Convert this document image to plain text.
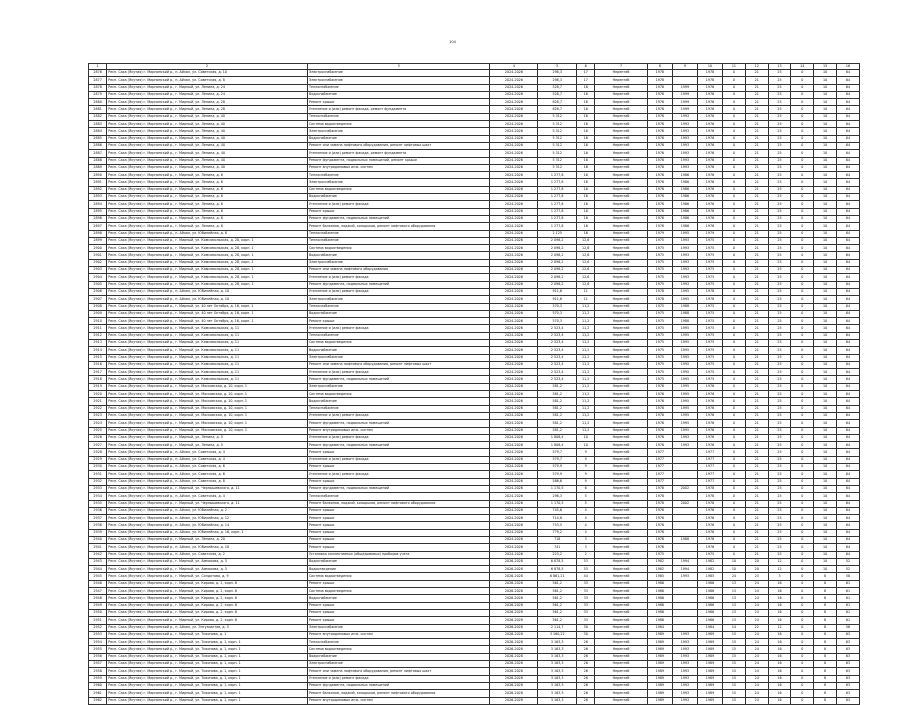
104
1	2	3	4	5	6	7	8	9	10	11	12	13	14	15	16
2876	Респ. Саха (Якутия) г. Мирнинский р., п. Айхал, ул. Советская, д. 10	Электроснабжение	2024-2026	298,3	17	Нерентаб	1978		1978	0	21	25	0	10	64
2877	Респ. Саха (Якутия) г. Мирнинский р., п. Айхал, ул. Советская, д. 8	Электроснабжение	2024-2026	298,3	17	Нерентаб	1978		1978	0	21	25	0	10	64
2878	Респ. Саха (Якутия) г. Мирнинский р., г. Мирный, ул. Ленина, д. 24	Теплоснабжение	2024-2026	528,7	16	Нерентаб	1976	1999	1976	0	21	25	0	10	64
2879	Респ. Саха (Якутия) г. Мирнинский р., г. Мирный, ул. Ленина, д. 24	Водоснабжение	2024-2026	528,7	16	Нерентаб	1976	1999	1976	0	21	25	0	10	64
2880	Респ. Саха (Якутия) г. Мирнинский р., г. Мирный, ул. Ленина, д. 28	Ремонт крыши	2024-2026	828,7	16	Нерентаб	1976	1999	1976	0	21	25	0	10	64
2881	Респ. Саха (Якутия) г. Мирнинский р., г. Мирный, ул. Ленина, д. 28	Утепление и (или) ремонт фасада, ремонт фундамента	2024-2026	828,7	16	Нерентаб	1976	1999	1976	0	21	25	0	10	64
2882	Респ. Саха (Якутия) г. Мирнинский р., г. Мирный, ул. Ленина, д. 40	Теплоснабжение	2024-2026	5 312	16	Нерентаб	1976	1993	1976	0	21	25	0	10	64
2883	Респ. Саха (Якутия) г. Мирнинский р., г. Мирный, ул. Ленина, д. 40	Система водоотведения	2024-2026	5 312	16	Нерентаб	1976	1993	1976	0	21	25	0	10	64
2884	Респ. Саха (Якутия) г. Мирнинский р., г. Мирный, ул. Ленина, д. 40	Электроснабжение	2024-2026	5 312	16	Нерентаб	1976	1993	1976	0	21	25	0	10	64
2885	Респ. Саха (Якутия) г. Мирнинский р., г. Мирный, ул. Ленина, д. 40	Водоснабжение	2024-2026	5 312	16	Нерентаб	1976	1993	1976	0	21	25	0	10	64
2886	Респ. Саха (Якутия) г. Мирнинский р., г. Мирный, ул. Ленина, д. 40	Ремонт или замена лифтового оборудования, ремонт лифтовых шахт	2024-2026	5 312	16	Нерентаб	1976	1993	1976	0	21	25	0	10	64
2887	Респ. Саха (Якутия) г. Мирнинский р., г. Мирный, ул. Ленина, д. 40	Утепление и (или) ремонт фасада, ремонт фундамента	2024-2026	5 312	16	Нерентаб	1976	1993	1976	0	21	25	0	10	64
2888	Респ. Саха (Якутия) г. Мирнинский р., г. Мирный, ул. Ленина, д. 40	Ремонт фундамента, подвальных помещений, ремонт крыши	2024-2026	5 312	16	Нерентаб	1976	1993	1976	0	21	25	0	10	64
2889	Респ. Саха (Якутия) г. Мирнинский р., г. Мирный, ул. Ленина, д. 40	Ремонт внутридомовых инж. систем	2024-2026	5 312	16	Нерентаб	1976	1993	1976	0	21	25	0	10	64
2890	Респ. Саха (Якутия) г. Мирнинский р., г. Мирный, ул. Ленина, д. 6	Теплоснабжение	2024-2026	1 277,8	16	Нерентаб	1976	1986	1976	0	21	25	0	10	64
2891	Респ. Саха (Якутия) г. Мирнинский р., г. Мирный, ул. Ленина, д. 6	Электроснабжение	2024-2026	1 277,8	16	Нерентаб	1976	1986	1976	0	21	25	0	10	64
2892	Респ. Саха (Якутия) г. Мирнинский р., г. Мирный, ул. Ленина, д. 6	Система водоотведения	2024-2026	1 277,8	16	Нерентаб	1976	1986	1976	0	21	25	0	10	64
2893	Респ. Саха (Якутия) г. Мирнинский р., г. Мирный, ул. Ленина, д. 6	Водоснабжение	2024-2026	1 277,8	16	Нерентаб	1976	1986	1976	0	21	25	0	10	64
2894	Респ. Саха (Якутия) г. Мирнинский р., г. Мирный, ул. Ленина, д. 6	Утепление и (или) ремонт фасада	2024-2026	1 277,8	16	Нерентаб	1976	1986	1976	0	21	25	0	10	64
2895	Респ. Саха (Якутия) г. Мирнинский р., г. Мирный, ул. Ленина, д. 6	Ремонт крыши	2024-2026	1 277,8	16	Нерентаб	1976	1986	1976	0	21	25	0	10	64
2896	Респ. Саха (Якутия) г. Мирнинский р., г. Мирный, ул. Ленина, д. 6	Ремонт фундамента, подвальных помещений	2024-2026	1 277,8	16	Нерентаб	1976	1986	1976	0	21	25	0	10	64
2897	Респ. Саха (Якутия) г. Мирнинский р., г. Мирный, ул. Ленина, д. 6	Ремонт балконов, лоджий, козырьков, ремонт лифтового оборудования	2024-2026	1 277,8	16	Нерентаб	1976	1986	1976	0	21	25	0	10	64
2898	Респ. Саха (Якутия) г. Мирнинский р., п. Айхал, ул. Юбилейная, д. 8	Теплоснабжение	2024-2026	2 125	16	Нерентаб	1979	1995	1979	0	21	25	0	10	64
2899	Респ. Саха (Якутия) г. Мирнинский р., г. Мирный, ул. Комсомольская, д. 28, корп. 1	Теплоснабжение	2024-2026	2 096,2	12,6	Нерентаб	1975	1993	1975	0	21	25	0	10	64
2900	Респ. Саха (Якутия) г. Мирнинский р., г. Мирный, ул. Комсомольская, д. 28, корп. 1	Система водоотведения	2024-2026	2 096,2	12,6	Нерентаб	1975	1993	1975	0	21	25	0	10	64
2901	Респ. Саха (Якутия) г. Мирнинский р., г. Мирный, ул. Комсомольская, д. 28, корп. 1	Водоснабжение	2024-2026	2 096,2	12,6	Нерентаб	1975	1993	1975	0	21	25	0	10	64
2902	Респ. Саха (Якутия) г. Мирнинский р., г. Мирный, ул. Комсомольская, д. 28, корп. 1	Электроснабжение	2024-2026	2 096,2	12,6	Нерентаб	1975	1993	1975	0	21	25	0	10	64
2903	Респ. Саха (Якутия) г. Мирнинский р., г. Мирный, ул. Комсомольская, д. 28, корп. 1	Ремонт или замена лифтового оборудования	2024-2026	2 096,2	12,6	Нерентаб	1975	1993	1975	0	21	25	0	10	64
2904	Респ. Саха (Якутия) г. Мирнинский р., г. Мирный, ул. Комсомольская, д. 28, корп. 1	Утепление и (или) ремонт фасада	2024-2026	2 096,2	12,6	Нерентаб	1975	1993	1975	0	21	25	0	10	64
2905	Респ. Саха (Якутия) г. Мирнинский р., г. Мирный, ул. Комсомольская, д. 28, корп. 1	Ремонт фундамента, подвальных помещений	2024-2026	2 096,2	12,6	Нерентаб	1975	1993	1975	0	21	25	0	10	64
2906	Респ. Саха (Якутия) г. Мирнинский р., п. Айхал, ул. Юбилейная, д. 10	Утепление и (или) ремонт фасада	2024-2026	911,6	11	Нерентаб	1978	1995	1978	0	21	25	0	10	64
2907	Респ. Саха (Якутия) г. Мирнинский р., п. Айхал, ул. Юбилейная, д. 10	Электроснабжение	2024-2026	911,6	11	Нерентаб	1978	1995	1978	0	21	25	0	10	64
2908	Респ. Саха (Якутия) г. Мирнинский р., г. Мирный, ул. 40 лет Октября, д. 16, корп. 1	Теплоснабжение	2024-2026	570,3	11,2	Нерентаб	1975	1988	1975	0	21	25	0	10	64
2909	Респ. Саха (Якутия) г. Мирнинский р., г. Мирный, ул. 40 лет Октября, д. 16, корп. 1	Водоснабжение	2024-2026	570,3	11,2	Нерентаб	1975	1988	1975	0	21	25	0	10	64
2910	Респ. Саха (Якутия) г. Мирнинский р., г. Мирный, ул. 40 лет Октября, д. 16, корп. 1	Ремонт крыши	2024-2026	570,3	11,2	Нерентаб	1975	1988	1975	0	21	25	0	10	64
2911	Респ. Саха (Якутия) г. Мирнинский р., г. Мирный, ул. Комсомольская, д. 11	Утепление и (или) ремонт фасада	2024-2026	2 523,4	11,2	Нерентаб	1975	1995	1975	0	21	25	0	10	64
2912	Респ. Саха (Якутия) г. Мирнинский р., г. Мирный, ул. Комсомольская, д. 11	Теплоснабжение	2024-2026	2 523,4	11,2	Нерентаб	1975	1995	1975	0	21	25	0	10	64
2913	Респ. Саха (Якутия) г. Мирнинский р., г. Мирный, ул. Комсомольская, д. 11	Система водоотведения	2024-2026	2 523,4	11,2	Нерентаб	1975	1995	1975	0	21	25	0	10	64
2914	Респ. Саха (Якутия) г. Мирнинский р., г. Мирный, ул. Комсомольская, д. 11	Водоснабжение	2024-2026	2 523,4	11,2	Нерентаб	1975	1995	1975	0	21	25	0	10	64
2915	Респ. Саха (Якутия) г. Мирнинский р., г. Мирный, ул. Комсомольская, д. 11	Электроснабжение	2024-2026	2 523,4	11,2	Нерентаб	1975	1995	1975	0	21	25	0	10	64
2916	Респ. Саха (Якутия) г. Мирнинский р., г. Мирный, ул. Комсомольская, д. 11	Ремонт или замена лифтового оборудования, ремонт лифтовых шахт	2024-2026	2 523,4	11,2	Нерентаб	1975	1995	1975	0	21	25	0	10	64
2917	Респ. Саха (Якутия) г. Мирнинский р., г. Мирный, ул. Комсомольская, д. 11	Утепление и (или) ремонт фасада	2024-2026	2 523,4	11,2	Нерентаб	1975	1995	1975	0	21	25	0	10	64
2918	Респ. Саха (Якутия) г. Мирнинский р., г. Мирный, ул. Комсомольская, д. 11	Ремонт фундамента, подвальных помещений	2024-2026	2 523,4	11,2	Нерентаб	1975	1995	1975	0	21	25	0	10	64
2919	Респ. Саха (Якутия) г. Мирнинский р., г. Мирный, ул. Московская, д. 10, корп. 1	Электроснабжение	2024-2026	581,2	11,2	Нерентаб	1976	1995	1976	0	21	25	0	10	64
2920	Респ. Саха (Якутия) г. Мирнинский р., г. Мирный, ул. Московская, д. 10, корп. 1	Система водоотведения	2024-2026	581,2	11,2	Нерентаб	1976	1995	1976	0	21	25	0	10	64
2921	Респ. Саха (Якутия) г. Мирнинский р., г. Мирный, ул. Московская, д. 10, корп. 1	Водоснабжение	2024-2026	581,2	11,2	Нерентаб	1976	1995	1976	0	21	25	0	10	64
2922	Респ. Саха (Якутия) г. Мирнинский р., г. Мирный, ул. Московская, д. 10, корп. 1	Теплоснабжение	2024-2026	581,2	11,2	Нерентаб	1976	1995	1976	0	21	25	0	10	64
2923	Респ. Саха (Якутия) г. Мирнинский р., г. Мирный, ул. Московская, д. 10, корп. 1	Утепление и (или) ремонт фасада	2024-2026	581,2	11,2	Нерентаб	1976	1995	1976	0	21	25	0	10	64
2924	Респ. Саха (Якутия) г. Мирнинский р., г. Мирный, ул. Московская, д. 10, корп. 1	Ремонт фундамента, подвальных помещений	2024-2026	581,2	11,2	Нерентаб	1976	1995	1976	0	21	25	0	10	64
2925	Респ. Саха (Якутия) г. Мирнинский р., г. Мирный, ул. Московская, д. 10, корп. 1	Ремонт внутридомовых инж. систем	2024-2026	581,2	11,2	Нерентаб	1976	1995	1976	0	21	25	0	10	64
2926	Респ. Саха (Якутия) г. Мирнинский р., г. Мирный, ул. Ленина, д. 5	Утепление и (или) ремонт фасада	2024-2026	1 806,4	10	Нерентаб	1976	1993	1976	0	21	25	0	10	64
2927	Респ. Саха (Якутия) г. Мирнинский р., г. Мирный, ул. Ленина, д. 5	Ремонт фундамента, подвальных помещений	2024-2026	1 806,4	10	Нерентаб	1976	1993	1976	0	21	25	0	10	64
2928	Респ. Саха (Якутия) г. Мирнинский р., п. Айхал, ул. Советская, д. 4	Ремонт крыши	2024-2026	579,7	9	Нерентаб	1977		1977	0	21	25	0	10	64
2929	Респ. Саха (Якутия) г. Мирнинский р., п. Айхал, ул. Советская, д. 4	Утепление и (или) ремонт фасада	2024-2026	579,7	9	Нерентаб	1977		1977	0	21	25	0	10	64
2930	Респ. Саха (Якутия) г. Мирнинский р., п. Айхал, ул. Советская, д. 6	Ремонт крыши	2024-2026	579,9	9	Нерентаб	1977		1977	0	21	25	0	10	64
2931	Респ. Саха (Якутия) г. Мирнинский р., п. Айхал, ул. Советская, д. 6	Утепление и (или) ремонт фасада	2024-2026	579,9	9	Нерентаб	1977		1977	0	21	25	0	10	64
2932	Респ. Саха (Якутия) г. Мирнинский р., п. Айхал, ул. Советская, д. 8	Ремонт крыши	2024-2026	586,6	9	Нерентаб	1977		1977	0	21	25	0	10	64
2933	Респ. Саха (Якутия) г. Мирнинский р., г. Мирный, ул. Чернышевского, д. 11	Ремонт фундамента, подвальных помещений	2024-2026	1 170,5	6	Нерентаб	1978	2002	1978	0	21	25	0	10	64
2934	Респ. Саха (Якутия) г. Мирнинский р., п. Айхал, ул. Советская, д. 4	Теплоснабжение	2024-2026	298,3	5	Нерентаб	1978		1978	0	21	25	0	10	64
2935	Респ. Саха (Якутия) г. Мирнинский р., г. Мирный, ул. Чернышевского, д. 11	Ремонт балконов, лоджий, козырьков, ремонт лифтового оборудования	2024-2026	1 170,5	5	Нерентаб	1978	2002	1978	0	21	25	0	10	64
2936	Респ. Саха (Якутия) г. Мирнинский р., п. Айхал, ул. Юбилейная, д. 2	Ремонт крыши	2024-2026	745,6	4	Нерентаб	1976		1976	0	21	25	0	10	64
2937	Респ. Саха (Якутия) г. Мирнинский р., п. Айхал, ул. Юбилейная, д. 12	Ремонт крыши	2024-2026	714,8	4	Нерентаб	1976		1976	0	21	25	0	10	64
2938	Респ. Саха (Якутия) г. Мирнинский р., п. Айхал, ул. Юбилейная, д. 14	Ремонт крыши	2024-2026	753,5	4	Нерентаб	1976		1976	0	21	25	0	10	64
2939	Респ. Саха (Якутия) г. Мирнинский р., п. Айхал, ул. Юбилейная, д. 16, корп. 1	Ремонт крыши	2024-2026	779,2	4	Нерентаб	1976		1976	0	21	25	0	10	64
2940	Респ. Саха (Якутия) г. Мирнинский р., г. Мирный, ул. Ленина, д. 20	Ремонт крыши	2024-2026	718	3	Нерентаб	1976	1988	1976	0	21	25	0	10	64
2941	Респ. Саха (Якутия) г. Мирнинский р., п. Айхал, ул. Юбилейная, д. 18	Ремонт крыши	2024-2026	741	3	Нерентаб	1976		1976	0	21	25	0	10	64
2942	Респ. Саха (Якутия) г. Мирнинский р., п. Айхал, ул. Советская, д. 2	Установка коллективных (общедомовых) приборов учета	2024-2026	223,2	2	Нерентаб	1975		1975	0	21	25	0	10	64
2943	Респ. Саха (Якутия) г. Мирнинский р., г. Мирный, ул. Аммосова, д. 5	Водоснабжение	2026-2028	6 878,5	53	Нерентаб	1982	1994	1982	10	20	12	0	10	52
2944	Респ. Саха (Якутия) г. Мирнинский р., г. Мирный, ул. Аммосова, д. 5	Водоотведение	2026-2028	6 878,5	53	Нерентаб	1982	1994	1982	10	20	12	0	10	52
2945	Респ. Саха (Якутия) г. Мирнинский р., г. Мирный, ул. Солдатова, д. 9	Система водоотведения	2026-2028	6 861,21	44	Нерентаб	1985	1993	1985	24	23	3	0	8	58
2946	Респ. Саха (Якутия) г. Мирнинский р., г. Мирный, ул. Кирова, д. 2, корп. 6	Ремонт крыши	2026-2028	561,2	33	Нерентаб	1986		1986	13	24	16	0	8	61
2947	Респ. Саха (Якутия) г. Мирнинский р., г. Мирный, ул. Кирова, д. 2, корп. 6	Система водоотведения	2026-2028	561,2	33	Нерентаб	1986		1986	13	24	16	0	8	61
2948	Респ. Саха (Якутия) г. Мирнинский р., г. Мирный, ул. Кирова, д. 2, корп. 6	Водоснабжение	2026-2028	561,2	33	Нерентаб	1986		1986	13	24	16	0	8	61
2949	Респ. Саха (Якутия) г. Мирнинский р., г. Мирный, ул. Кирова, д. 2, корп. 6	Ремонт крыши	2026-2028	561,2	33	Нерентаб	1986		1986	13	24	16	0	8	61
2950	Респ. Саха (Якутия) г. Мирнинский р., г. Мирный, ул. Кирова, д. 2, корп. 6	Ремонт крыши	2026-2028	561,2	33	Нерентаб	1986		1986	13	24	16	0	8	61
2951	Респ. Саха (Якутия) г. Мирнинский р., г. Мирный, ул. Кирова, д. 2, корп. 6	Ремонт крыши	2026-2028	561,2	33	Нерентаб	1986		1986	13	24	16	0	8	61
2952	Респ. Саха (Якутия) г. Мирнинский р., п. Айхал, ул. Энтузиастов, д. 3	Электроснабжение	2026-2028	2 114,7	30	Нерентаб	1984		1984	14	22	12	0	8	56
2953	Респ. Саха (Якутия) г. Мирнинский р., г. Мирный, ул. Тихонова, д. 1	Ремонт внутридомовых инж. систем	2026-2028	3 160,22	30	Нерентаб	1989	1993	1989	15	24	16	0	8	63
2954	Респ. Саха (Якутия) г. Мирнинский р., г. Мирный, ул. Тихонова, д. 1, корп. 1	Теплоснабжение	2026-2028	3 163,3	26	Нерентаб	1989	1993	1989	15	24	16	0	8	63
2955	Респ. Саха (Якутия) г. Мирнинский р., г. Мирный, ул. Тихонова, д. 1, корп. 1	Система водоотведения	2026-2028	3 163,3	26	Нерентаб	1989	1993	1989	15	24	16	0	8	63
2956	Респ. Саха (Якутия) г. Мирнинский р., г. Мирный, ул. Тихонова, д. 1, корп. 1	Водоснабжение	2026-2028	3 163,3	26	Нерентаб	1989	1993	1989	15	24	16	0	8	63
2957	Респ. Саха (Якутия) г. Мирнинский р., г. Мирный, ул. Тихонова, д. 1, корп. 1	Электроснабжение	2026-2028	3 163,3	26	Нерентаб	1989	1993	1989	15	24	16	0	8	63
2958	Респ. Саха (Якутия) г. Мирнинский р., г. Мирный, ул. Тихонова, д. 1, корп. 1	Ремонт или замена лифтового оборудования, ремонт лифтовых шахт	2026-2028	3 163,3	26	Нерентаб	1989	1993	1989	15	24	16	0	8	63
2959	Респ. Саха (Якутия) г. Мирнинский р., г. Мирный, ул. Тихонова, д. 1, корп. 1	Утепление и (или) ремонт фасада	2026-2028	3 163,3	26	Нерентаб	1989	1993	1989	15	24	16	0	8	63
2960	Респ. Саха (Якутия) г. Мирнинский р., г. Мирный, ул. Тихонова, д. 1, корп. 1	Ремонт фундамента, подвальных помещений	2026-2028	3 163,3	26	Нерентаб	1989	1993	1989	15	24	16	0	8	63
2961	Респ. Саха (Якутия) г. Мирнинский р., г. Мирный, ул. Тихонова, д. 1, корп. 1	Ремонт балконов, лоджий, козырьков, ремонт лифтового оборудования	2026-2028	3 163,3	26	Нерентаб	1989	1993	1989	15	24	16	0	8	63
2962	Респ. Саха (Якутия) г. Мирнинский р., г. Мирный, ул. Тихонова, д. 1, корп. 1	Ремонт внутридомовых инж. систем	2026-2028	3 163,3	26	Нерентаб	1989	1993	1989	15	24	16	0	8	63
